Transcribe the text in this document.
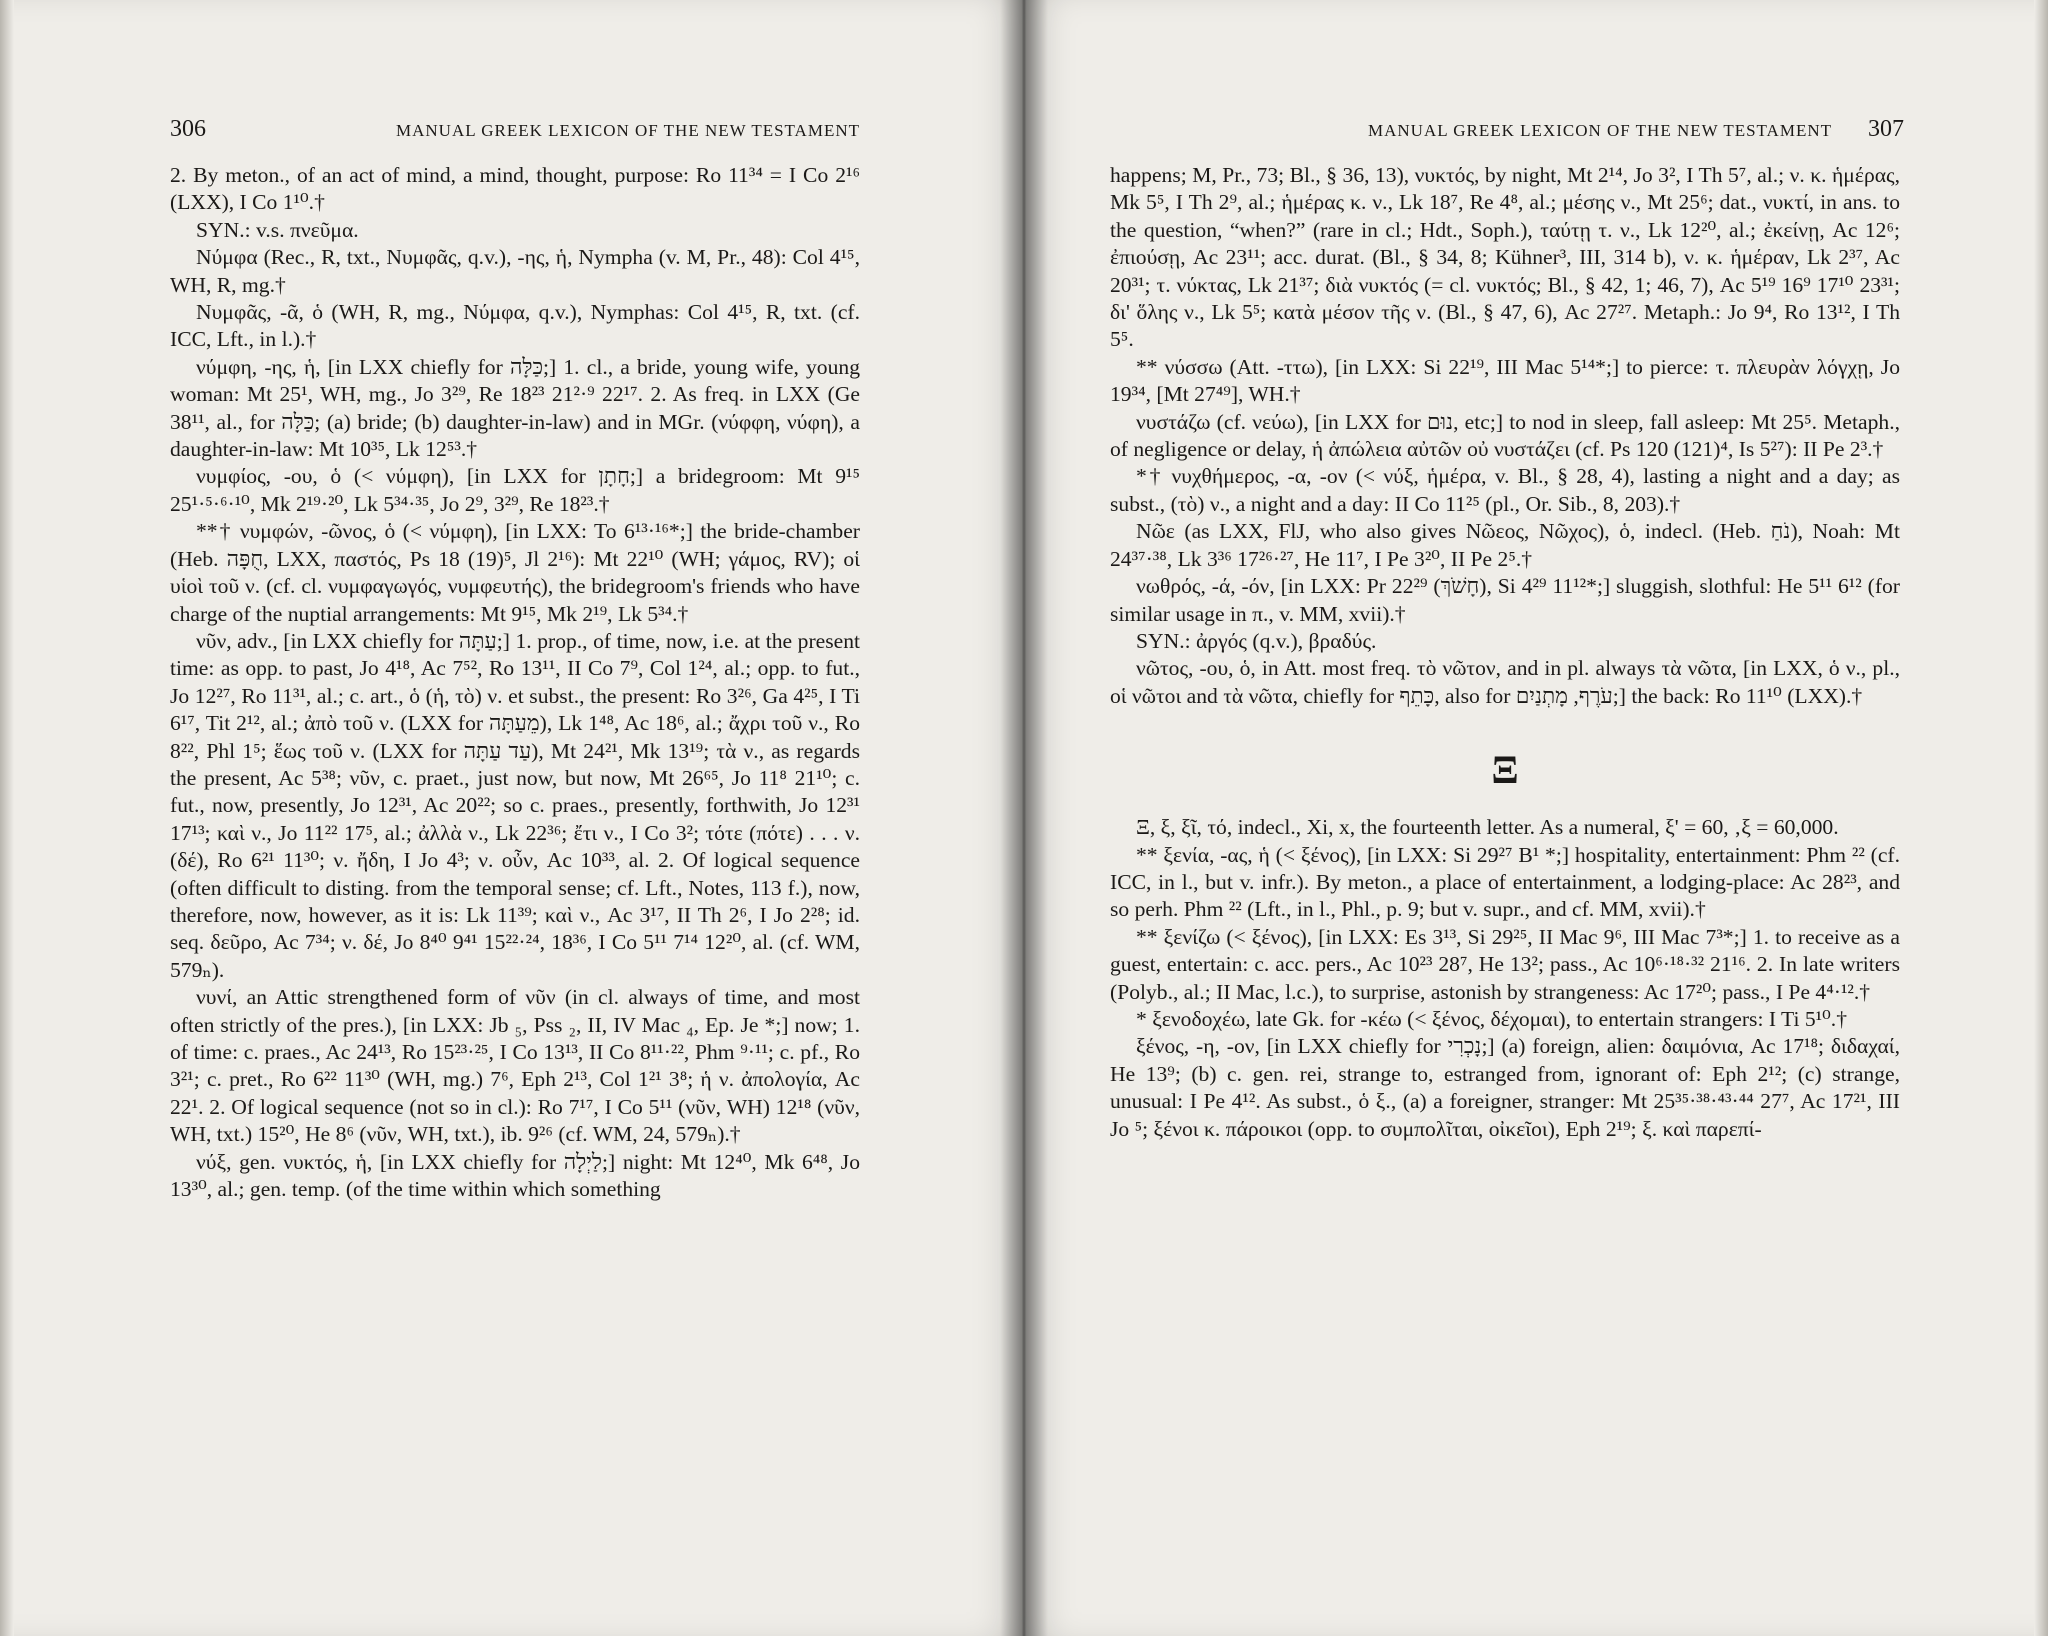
306	MANUAL GREEK LEXICON OF THE NEW TESTAMENT

2. By meton., of an act of mind, a mind, thought, purpose: Ro 11³⁴ = I Co 2¹⁶ (LXX), I Co 1¹⁰.†

SYN.: v.s. πνεῦμα.

Νύμφα (Rec., R, txt., Νυμφᾶς, q.v.), -ης, ἡ, Nympha (v. M, Pr., 48): Col 4¹⁵, WH, R, mg.†

Νυμφᾶς, -ᾶ, ὁ (WH, R, mg., Νύμφα, q.v.), Nymphas: Col 4¹⁵, R, txt. (cf. ICC, Lft., in l.).†

νύμφη, -ης, ἡ, [in LXX chiefly for כַּלָּה;] 1. cl., a bride, young wife, young woman: Mt 25¹, WH, mg., Jo 3²⁹, Re 18²³ 21²·⁹ 22¹⁷. 2. As freq. in LXX (Ge 38¹¹, al., for כַּלָּה; (a) bride; (b) daughter-in-law) and in MGr. (νύφφη, νύφη), a daughter-in-law: Mt 10³⁵, Lk 12⁵³.†

νυμφίος, -ου, ὁ (< νύμφη), [in LXX for חָתָן;] a bridegroom: Mt 9¹⁵ 25¹·⁵·⁶·¹⁰, Mk 2¹⁹·²⁰, Lk 5³⁴·³⁵, Jo 2⁹, 3²⁹, Re 18²³.†

**† νυμφών, -ῶνος, ὁ (< νύμφη), [in LXX: To 6¹³·¹⁶*;] the bride-chamber (Heb. חֻפָּה, LXX, παστός, Ps 18 (19)⁵, Jl 2¹⁶): Mt 22¹⁰ (WH; γάμος, RV); οἱ υἱοὶ τοῦ ν. (cf. cl. νυμφαγωγός, νυμφευτής), the bridegroom's friends who have charge of the nuptial arrangements: Mt 9¹⁵, Mk 2¹⁹, Lk 5³⁴.†

νῦν, adv., [in LXX chiefly for עַתָּה;] 1. prop., of time, now, i.e. at the present time: as opp. to past, Jo 4¹⁸, Ac 7⁵², Ro 13¹¹, II Co 7⁹, Col 1²⁴, al.; opp. to fut., Jo 12²⁷, Ro 11³¹, al.; c. art., ὁ (ἡ, τὸ) ν. et subst., the present: Ro 3²⁶, Ga 4²⁵, I Ti 6¹⁷, Tit 2¹², al.; ἀπὸ τοῦ ν. (LXX for מֵעַתָּה), Lk 1⁴⁸, Ac 18⁶, al.; ἄχρι τοῦ ν., Ro 8²², Phl 1⁵; ἕως τοῦ ν. (LXX for עַד עַתָּה), Mt 24²¹, Mk 13¹⁹; τὰ ν., as regards the present, Ac 5³⁸; νῦν, c. praet., just now, but now, Mt 26⁶⁵, Jo 11⁸ 21¹⁰; c. fut., now, presently, Jo 12³¹, Ac 20²²; so c. praes., presently, forthwith, Jo 12³¹ 17¹³; καὶ ν., Jo 11²² 17⁵, al.; ἀλλὰ ν., Lk 22³⁶; ἔτι ν., I Co 3²; τότε (πότε) . . . ν. (δέ), Ro 6²¹ 11³⁰; ν. ἤδη, I Jo 4³; ν. οὖν, Ac 10³³, al. 2. Of logical sequence (often difficult to disting. from the temporal sense; cf. Lft., Notes, 113 f.), now, therefore, now, however, as it is: Lk 11³⁹; καὶ ν., Ac 3¹⁷, II Th 2⁶, I Jo 2²⁸; id. seq. δεῦρο, Ac 7³⁴; ν. δέ, Jo 8⁴⁰ 9⁴¹ 15²²·²⁴, 18³⁶, I Co 5¹¹ 7¹⁴ 12²⁰, al. (cf. WM, 579ₙ).

νυνί, an Attic strengthened form of νῦν (in cl. always of time, and most often strictly of the pres.), [in LXX: Jb ₅, Pss ₂, II, IV Mac ₄, Ep. Je *;] now; 1. of time: c. praes., Ac 24¹³, Ro 15²³·²⁵, I Co 13¹³, II Co 8¹¹·²², Phm ⁹·¹¹; c. pf., Ro 3²¹; c. pret., Ro 6²² 11³⁰ (WH, mg.) 7⁶, Eph 2¹³, Col 1²¹ 3⁸; ἡ ν. ἀπολογία, Ac 22¹. 2. Of logical sequence (not so in cl.): Ro 7¹⁷, I Co 5¹¹ (νῦν, WH) 12¹⁸ (νῦν, WH, txt.) 15²⁰, He 8⁶ (νῦν, WH, txt.), ib. 9²⁶ (cf. WM, 24, 579ₙ).†

νύξ, gen. νυκτός, ἡ, [in LXX chiefly for לַיְלָה;] night: Mt 12⁴⁰, Mk 6⁴⁸, Jo 13³⁰, al.; gen. temp. (of the time within which something

MANUAL GREEK LEXICON OF THE NEW TESTAMENT 307

happens; M, Pr., 73; Bl., § 36, 13), νυκτός, by night, Mt 2¹⁴, Jo 3², I Th 5⁷, al.; ν. κ. ἡμέρας, Mk 5⁵, I Th 2⁹, al.; ἡμέρας κ. ν., Lk 18⁷, Re 4⁸, al.; μέσης ν., Mt 25⁶; dat., νυκτί, in ans. to the question, “when?” (rare in cl.; Hdt., Soph.), ταύτῃ τ. ν., Lk 12²⁰, al.; ἐκείνῃ, Ac 12⁶; ἐπιούσῃ, Ac 23¹¹; acc. durat. (Bl., § 34, 8; Kühner³, III, 314 b), ν. κ. ἡμέραν, Lk 2³⁷, Ac 20³¹; τ. νύκτας, Lk 21³⁷; διὰ νυκτός (= cl. νυκτός; Bl., § 42, 1; 46, 7), Ac 5¹⁹ 16⁹ 17¹⁰ 23³¹; δι' ὅλης ν., Lk 5⁵; κατὰ μέσον τῆς ν. (Bl., § 47, 6), Ac 27²⁷. Metaph.: Jo 9⁴, Ro 13¹², I Th 5⁵.

** νύσσω (Att. -ττω), [in LXX: Si 22¹⁹, III Mac 5¹⁴*;] to pierce: τ. πλευρὰν λόγχῃ, Jo 19³⁴, [Mt 27⁴⁹], WH.†

νυστάζω (cf. νεύω), [in LXX for נוּם, etc;] to nod in sleep, fall asleep: Mt 25⁵. Metaph., of negligence or delay, ἡ ἀπώλεια αὐτῶν οὐ νυστάζει (cf. Ps 120 (121)⁴, Is 5²⁷): II Pe 2³.†

*† νυχθήμερος, -α, -ον (< νύξ, ἡμέρα, v. Bl., § 28, 4), lasting a night and a day; as subst., (τὸ) ν., a night and a day: II Co 11²⁵ (pl., Or. Sib., 8, 203).†

Νῶε (as LXX, FlJ, who also gives Νῶεος, Νῶχος), ὁ, indecl. (Heb. נֹחַ), Noah: Mt 24³⁷·³⁸, Lk 3³⁶ 17²⁶·²⁷, He 11⁷, I Pe 3²⁰, II Pe 2⁵.†

νωθρός, -ά, -όν, [in LXX: Pr 22²⁹ (חָשֹׁךְ), Si 4²⁹ 11¹²*;] sluggish, slothful: He 5¹¹ 6¹² (for similar usage in π., v. MM, xvii).†

SYN.: ἀργός (q.v.), βραδύς.

νῶτος, -ου, ὁ, in Att. most freq. τὸ νῶτον, and in pl. always τὰ νῶτα, [in LXX, ὁ ν., pl., οἱ νῶτοι and τὰ νῶτα, chiefly for כָּתֵף, also for עֹרֶף, מָתְנַיִם;] the back: Ro 11¹⁰ (LXX).†

Ξ

Ξ, ξ, ξῖ, τό, indecl., Xi, x, the fourteenth letter. As a numeral, ξ' = 60, ‚ξ = 60,000.

** ξενία, -ας, ἡ (< ξένος), [in LXX: Si 29²⁷ B¹ *;] hospitality, entertainment: Phm ²² (cf. ICC, in l., but v. infr.). By meton., a place of entertainment, a lodging-place: Ac 28²³, and so perh. Phm ²² (Lft., in l., Phl., p. 9; but v. supr., and cf. MM, xvii).†

** ξενίζω (< ξένος), [in LXX: Es 3¹³, Si 29²⁵, II Mac 9⁶, III Mac 7³*;] 1. to receive as a guest, entertain: c. acc. pers., Ac 10²³ 28⁷, He 13²; pass., Ac 10⁶·¹⁸·³² 21¹⁶. 2. In late writers (Polyb., al.; II Mac, l.c.), to surprise, astonish by strangeness: Ac 17²⁰; pass., I Pe 4⁴·¹².†

* ξενοδοχέω, late Gk. for -κέω (< ξένος, δέχομαι), to entertain strangers: I Ti 5¹⁰.†

ξένος, -η, -ον, [in LXX chiefly for נָכְרִי;] (a) foreign, alien: δαιμόνια, Ac 17¹⁸; διδαχαί, He 13⁹; (b) c. gen. rei, strange to, estranged from, ignorant of: Eph 2¹²; (c) strange, unusual: I Pe 4¹². As subst., ὁ ξ., (a) a foreigner, stranger: Mt 25³⁵·³⁸·⁴³·⁴⁴ 27⁷, Ac 17²¹, III Jo ⁵; ξένοι κ. πάροικοι (opp. to συμπολῖται, οἰκεῖοι), Eph 2¹⁹; ξ. καὶ παρεπί-
